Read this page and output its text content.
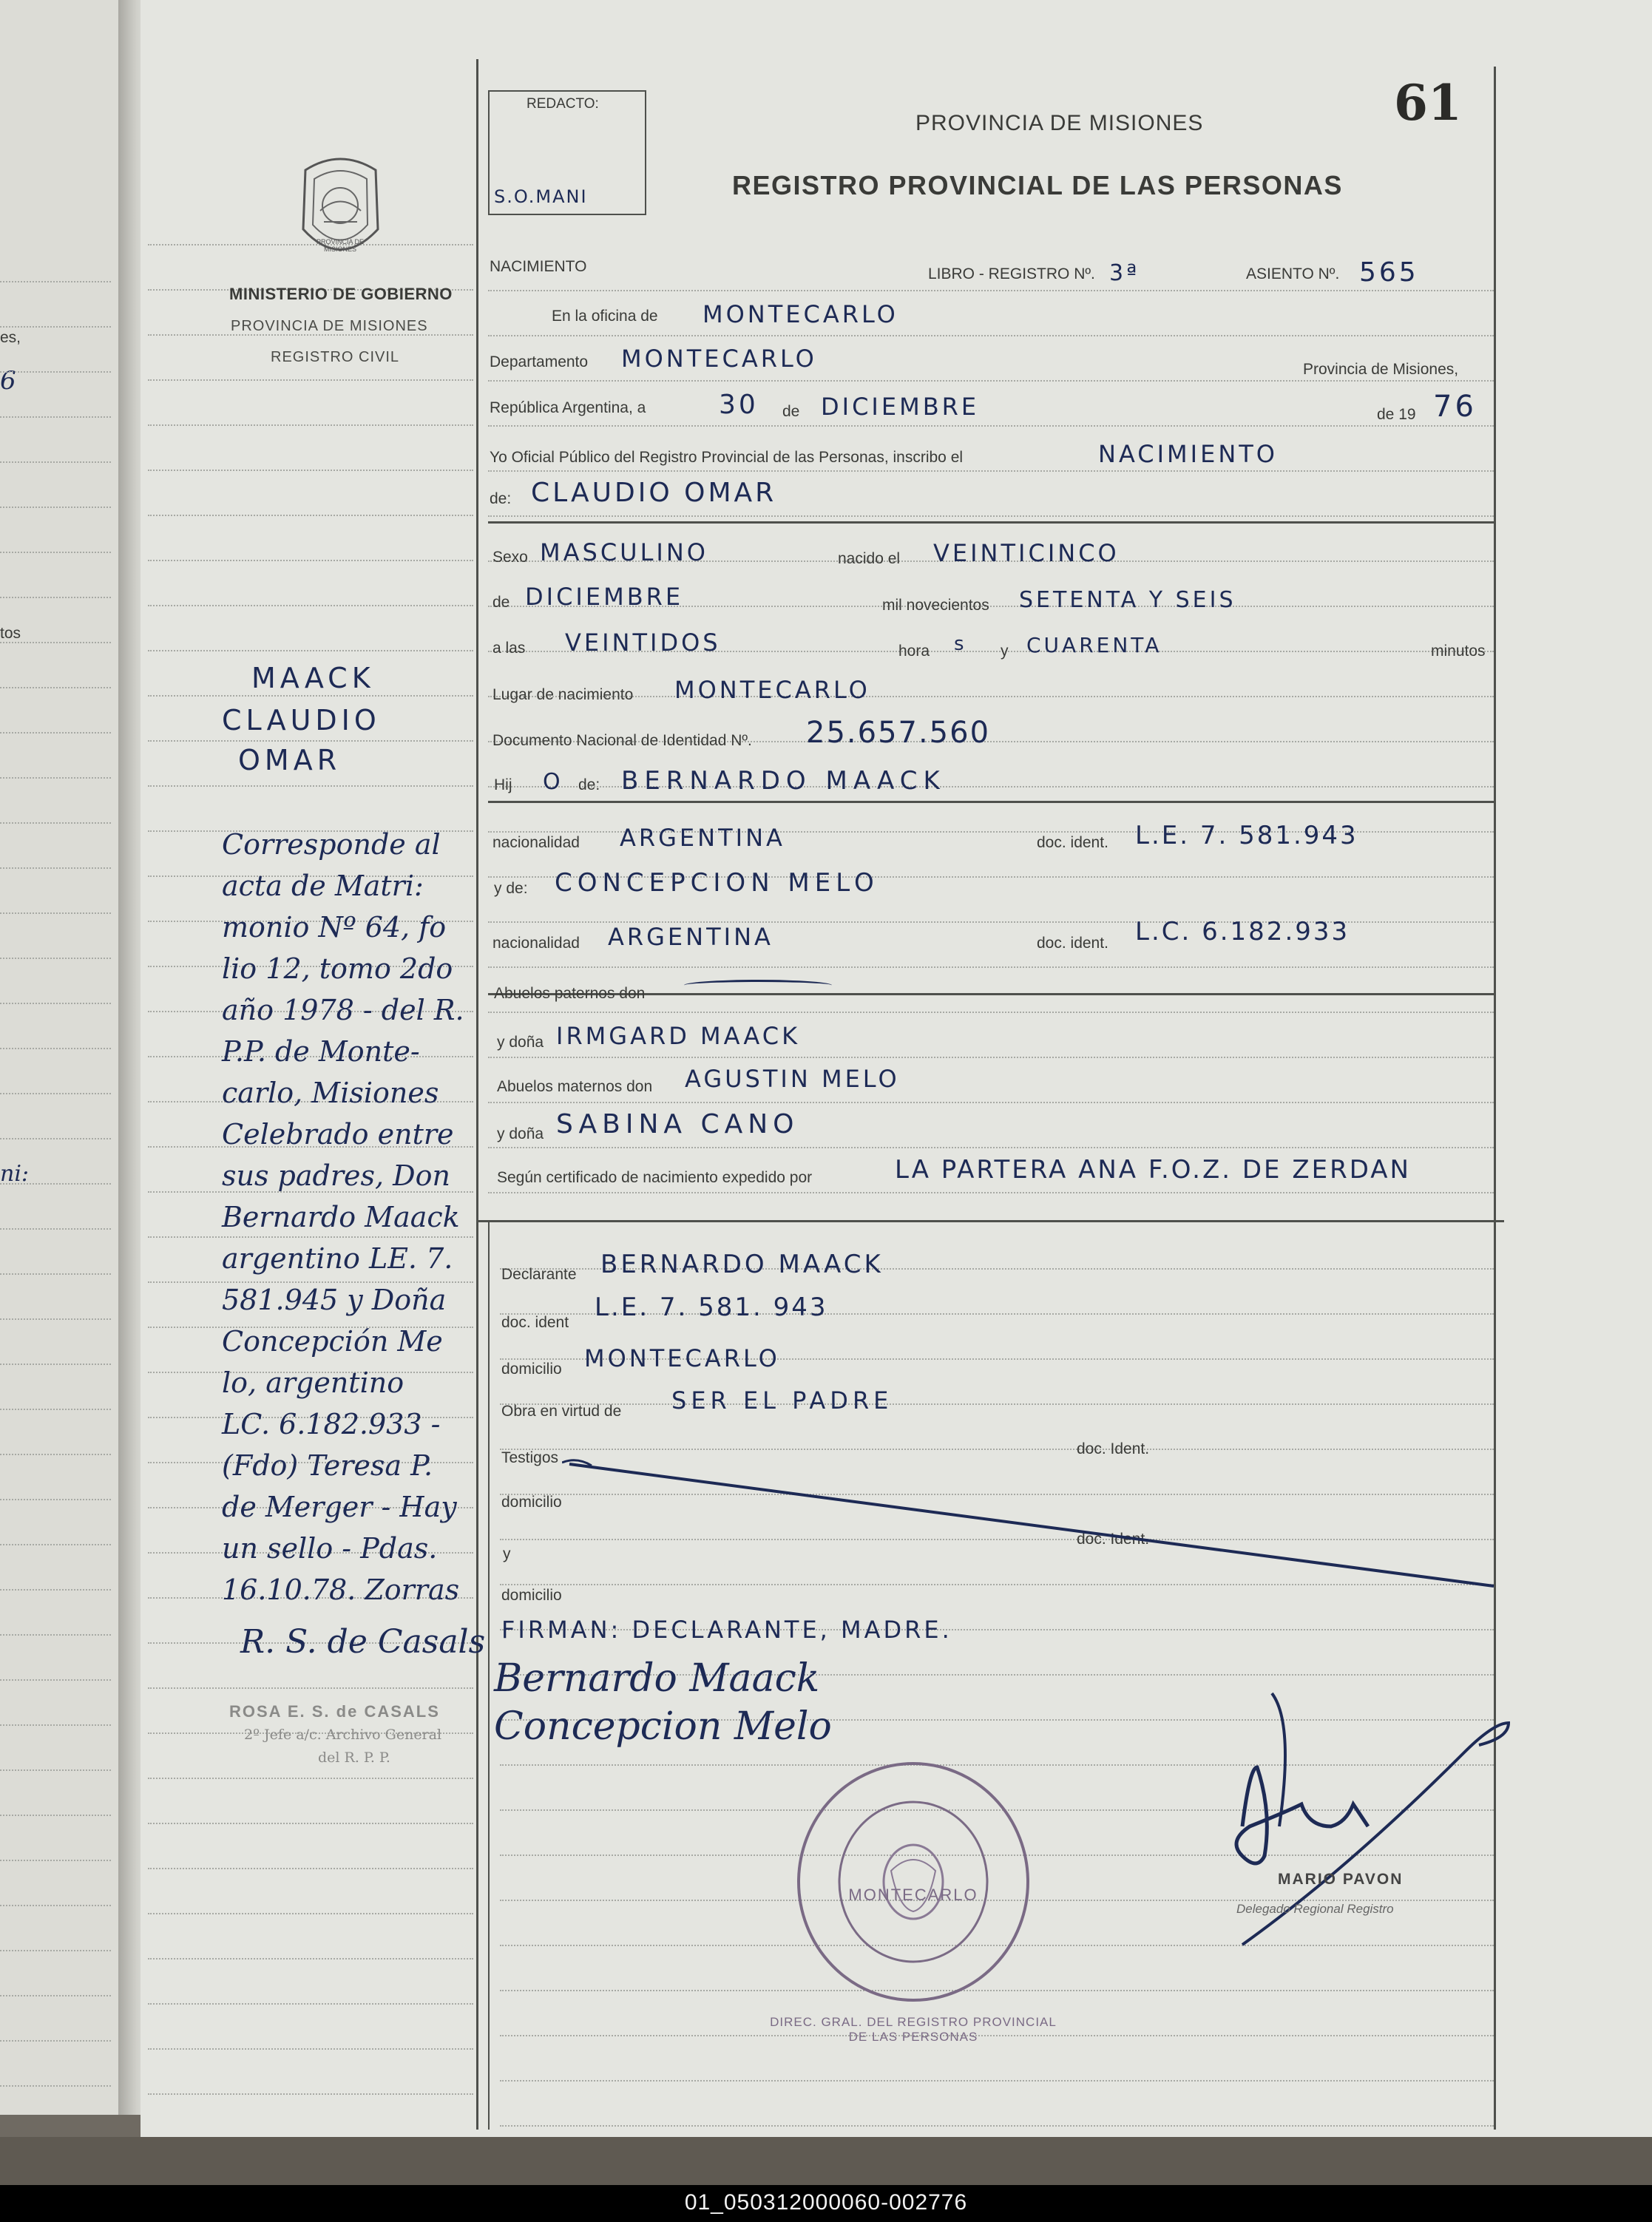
01_050312000060-002776
es,
6
tos
ni:
REDACTO:
S.O.MANI
PROVINCIA DE MISIONES
REGISTRO PROVINCIAL DE LAS PERSONAS
61
PROVINCIA DE MISIONES
MINISTERIO DE GOBIERNO
PROVINCIA DE MISIONES
REGISTRO CIVIL
NACIMIENTO	LIBRO - REGISTRO Nº. 3ª	ASIENTO Nº. 565
En la oficina de MONTECARLO
Departamento MONTECARLO	Provincia de Misiones,
República Argentina, a	30 de DICIEMBRE	de 19 76
Yo Oficial Público del Registro Provincial de las Personas, inscribo el	NACIMIENTO
de: CLAUDIO OMAR
Sexo MASCULINO	nacido el VEINTICINCO
de DICIEMBRE	mil novecientos SETENTA Y SEIS
a las VEINTIDOS	hora s y CUARENTA	minutos
Lugar de nacimiento MONTECARLO
Documento Nacional de Identidad Nº. 25.657.560
Hij O de: BERNARDO MAACK
nacionalidad ARGENTINA	doc. ident. L.E. 7. 581.943
y de: CONCEPCION MELO
nacionalidad ARGENTINA	doc. ident. L.C. 6.182.933
Abuelos paternos don
y doña IRMGARD MAACK
Abuelos maternos don AGUSTIN MELO
y doña SABINA CANO
Según certificado de nacimiento expedido por	LA PARTERA ANA F.O.Z. DE ZERDAN
Declarante BERNARDO MAACK
doc. ident
L.E. 7. 581. 943
domicilio MONTECARLO
Obra en virtud de SER EL PADRE
Testigos
doc. Ident.
domicilio
y
doc. Ident.
domicilio
FIRMAN: DECLARANTE, MADRE.
Bernardo Maack
Concepcion Melo
MONTECARLO
DIREC. GRAL. DEL REGISTRO PROVINCIAL DE LAS PERSONAS
MARIO PAVON
Delegado Regional Registro
MAACK
CLAUDIO
OMAR
Corresponde al
acta de Matri:
monio Nº 64, fo
lio 12, tomo 2do
año 1978 - del R.
P.P. de Monte-
carlo, Misiones
Celebrado entre
sus padres, Don
Bernardo Maack
argentino LE. 7.
581.945 y Doña
Concepción Me
lo, argentino
LC. 6.182.933 -
(Fdo) Teresa P.
de Merger - Hay
un sello - Pdas.
16.10.78. Zorras
R. S. de Casals
ROSA E. S. de CASALS
2º Jefe a/c. Archivo General
del R. P. P.
